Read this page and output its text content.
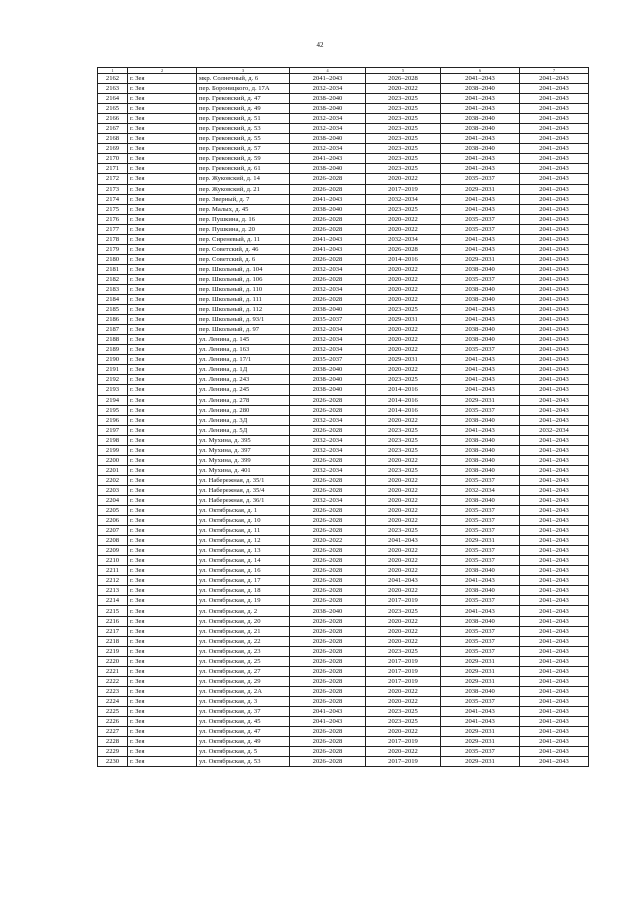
42
1	2	3	4	5	6	7
2162	г. Зея	мкр. Солнечный, д. 6	2041–2043	2026–2028	2041–2043	2041–2043
2163	г. Зея	пер. Бороницкого, д. 17А	2032–2034	2020–2022	2038–2040	2041–2043
2164	г. Зея	пер. Грековский, д. 47	2038–2040	2023–2025	2041–2043	2041–2043
2165	г. Зея	пер. Грековский, д. 49	2038–2040	2023–2025	2041–2043	2041–2043
2166	г. Зея	пер. Грековский, д. 51	2032–2034	2023–2025	2038–2040	2041–2043
2167	г. Зея	пер. Грековский, д. 53	2032–2034	2023–2025	2038–2040	2041–2043
2168	г. Зея	пер. Грековский, д. 55	2038–2040	2023–2025	2041–2043	2041–2043
2169	г. Зея	пер. Грековский, д. 57	2032–2034	2023–2025	2038–2040	2041–2043
2170	г. Зея	пер. Грековский, д. 59	2041–2043	2023–2025	2041–2043	2041–2043
2171	г. Зея	пер. Грековский, д. 61	2038–2040	2023–2025	2041–2043	2041–2043
2172	г. Зея	пер. Жуковский, д. 14	2026–2028	2020–2022	2035–2037	2041–2043
2173	г. Зея	пер. Жуковский, д. 21	2026–2028	2017–2019	2029–2031	2041–2043
2174	г. Зея	пер. Зверный, д. 7	2041–2043	2032–2034	2041–2043	2041–2043
2175	г. Зея	пер. Малых, д. 45	2038–2040	2023–2025	2041–2043	2041–2043
2176	г. Зея	пер. Пушкина, д. 16	2026–2028	2020–2022	2035–2037	2041–2043
2177	г. Зея	пер. Пушкина, д. 20	2026–2028	2020–2022	2035–2037	2041–2043
2178	г. Зея	пер. Сиреневый, д. 11	2041–2043	2032–2034	2041–2043	2041–2043
2179	г. Зея	пер. Советский, д. 46	2041–2043	2026–2028	2041–2043	2041–2043
2180	г. Зея	пер. Советский, д. 6	2026–2028	2014–2016	2029–2031	2041–2043
2181	г. Зея	пер. Школьный, д. 104	2032–2034	2020–2022	2038–2040	2041–2043
2182	г. Зея	пер. Школьный, д. 106	2026–2028	2020–2022	2035–2037	2041–2043
2183	г. Зея	пер. Школьный, д. 110	2032–2034	2020–2022	2038–2040	2041–2043
2184	г. Зея	пер. Школьный, д. 111	2026–2028	2020–2022	2038–2040	2041–2043
2185	г. Зея	пер. Школьный, д. 112	2038–2040	2023–2025	2041–2043	2041–2043
2186	г. Зея	пер. Школьный, д. 93/1	2035–2037	2029–2031	2041–2043	2041–2043
2187	г. Зея	пер. Школьный, д. 97	2032–2034	2020–2022	2038–2040	2041–2043
2188	г. Зея	ул. Ленина, д. 145	2032–2034	2020–2022	2038–2040	2041–2043
2189	г. Зея	ул. Ленина, д. 163	2032–2034	2020–2022	2035–2037	2041–2043
2190	г. Зея	ул. Ленина, д. 17/1	2035–2037	2029–2031	2041–2043	2041–2043
2191	г. Зея	ул. Ленина, д. 1Д	2038–2040	2020–2022	2041–2043	2041–2043
2192	г. Зея	ул. Ленина, д. 243	2038–2040	2023–2025	2041–2043	2041–2043
2193	г. Зея	ул. Ленина, д. 245	2038–2040	2014–2016	2041–2043	2041–2043
2194	г. Зея	ул. Ленина, д. 278	2026–2028	2014–2016	2029–2031	2041–2043
2195	г. Зея	ул. Ленина, д. 280	2026–2028	2014–2016	2035–2037	2041–2043
2196	г. Зея	ул. Ленина, д. 3Д	2032–2034	2020–2022	2038–2040	2041–2043
2197	г. Зея	ул. Ленина, д. 5Д	2026–2028	2023–2025	2041–2043	2032–2034
2198	г. Зея	ул. Мухина, д. 395	2032–2034	2023–2025	2038–2040	2041–2043
2199	г. Зея	ул. Мухина, д. 397	2032–2034	2023–2025	2038–2040	2041–2043
2200	г. Зея	ул. Мухина, д. 399	2026–2028	2020–2022	2038–2040	2041–2043
2201	г. Зея	ул. Мухина, д. 401	2032–2034	2023–2025	2038–2040	2041–2043
2202	г. Зея	ул. Набережная, д. 35/1	2026–2028	2020–2022	2035–2037	2041–2043
2203	г. Зея	ул. Набережная, д. 35/4	2026–2028	2020–2022	2032–2034	2041–2043
2204	г. Зея	ул. Набережная, д. 36/1	2032–2034	2020–2022	2038–2040	2041–2043
2205	г. Зея	ул. Октябрьская, д. 1	2026–2028	2020–2022	2035–2037	2041–2043
2206	г. Зея	ул. Октябрьская, д. 10	2026–2028	2020–2022	2035–2037	2041–2043
2207	г. Зея	ул. Октябрьская, д. 11	2026–2028	2023–2025	2035–2037	2041–2043
2208	г. Зея	ул. Октябрьская, д. 12	2020–2022	2041–2043	2029–2031	2041–2043
2209	г. Зея	ул. Октябрьская, д. 13	2026–2028	2020–2022	2035–2037	2041–2043
2210	г. Зея	ул. Октябрьская, д. 14	2026–2028	2020–2022	2035–2037	2041–2043
2211	г. Зея	ул. Октябрьская, д. 16	2026–2028	2020–2022	2038–2040	2041–2043
2212	г. Зея	ул. Октябрьская, д. 17	2026–2028	2041–2043	2041–2043	2041–2043
2213	г. Зея	ул. Октябрьская, д. 18	2026–2028	2020–2022	2038–2040	2041–2043
2214	г. Зея	ул. Октябрьская, д. 19	2026–2028	2017–2019	2035–2037	2041–2043
2215	г. Зея	ул. Октябрьская, д. 2	2038–2040	2023–2025	2041–2043	2041–2043
2216	г. Зея	ул. Октябрьская, д. 20	2026–2028	2020–2022	2038–2040	2041–2043
2217	г. Зея	ул. Октябрьская, д. 21	2026–2028	2020–2022	2035–2037	2041–2043
2218	г. Зея	ул. Октябрьская, д. 22	2026–2028	2020–2022	2035–2037	2041–2043
2219	г. Зея	ул. Октябрьская, д. 23	2026–2028	2023–2025	2035–2037	2041–2043
2220	г. Зея	ул. Октябрьская, д. 25	2026–2028	2017–2019	2029–2031	2041–2043
2221	г. Зея	ул. Октябрьская, д. 27	2026–2028	2017–2019	2029–2031	2041–2043
2222	г. Зея	ул. Октябрьская, д. 29	2026–2028	2017–2019	2029–2031	2041–2043
2223	г. Зея	ул. Октябрьская, д. 2А	2026–2028	2020–2022	2038–2040	2041–2043
2224	г. Зея	ул. Октябрьская, д. 3	2026–2028	2020–2022	2035–2037	2041–2043
2225	г. Зея	ул. Октябрьская, д. 37	2041–2043	2023–2025	2041–2043	2041–2043
2226	г. Зея	ул. Октябрьская, д. 45	2041–2043	2023–2025	2041–2043	2041–2043
2227	г. Зея	ул. Октябрьская, д. 47	2026–2028	2020–2022	2029–2031	2041–2043
2228	г. Зея	ул. Октябрьская, д. 49	2026–2028	2017–2019	2029–2031	2041–2043
2229	г. Зея	ул. Октябрьская, д. 5	2026–2028	2020–2022	2035–2037	2041–2043
2230	г. Зея	ул. Октябрьская, д. 53	2026–2028	2017–2019	2029–2031	2041–2043
